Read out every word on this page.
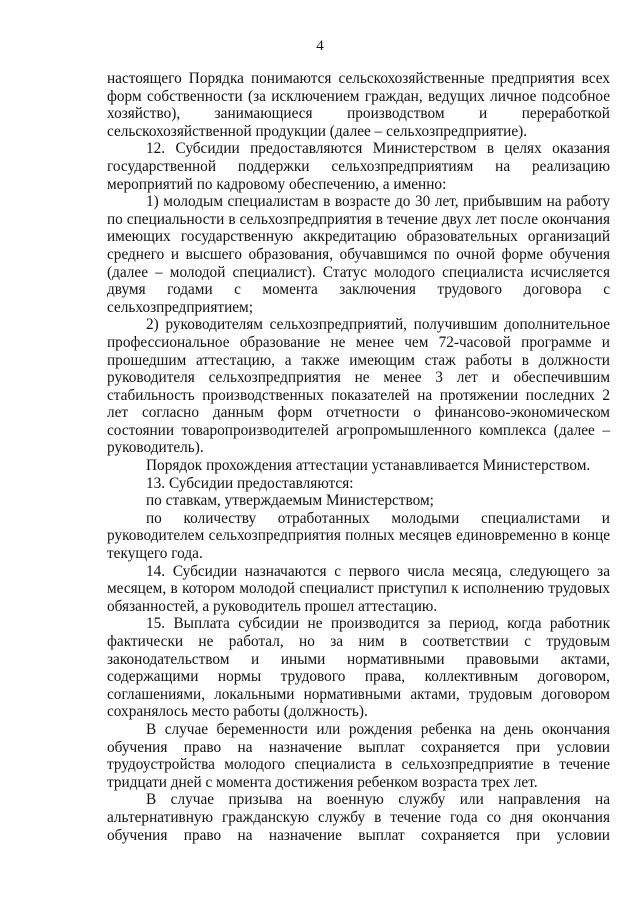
4

настоящего Порядка понимаются сельскохозяйственные предприятия всех форм собственности (за исключением граждан, ведущих личное подсобное хозяйство), занимающиеся производством и переработкой сельскохозяйственной продукции (далее – сельхозпредприятие).

12. Субсидии предоставляются Министерством в целях оказания государственной поддержки сельхозпредприятиям на реализацию мероприятий по кадровому обеспечению, а именно:

1) молодым специалистам в возрасте до 30 лет, прибывшим на работу по специальности в сельхозпредприятия в течение двух лет после окончания имеющих государственную аккредитацию образовательных организаций среднего и высшего образования, обучавшимся по очной форме обучения (далее – молодой специалист). Статус молодого специалиста исчисляется двумя годами с момента заключения трудового договора с сельхозпредприятием;

2) руководителям сельхозпредприятий, получившим дополнительное профессиональное образование не менее чем 72-часовой программе и прошедшим аттестацию, а также имеющим стаж работы в должности руководителя сельхозпредприятия не менее 3 лет и обеспечившим стабильность производственных показателей на протяжении последних 2 лет согласно данным форм отчетности о финансово-экономическом состоянии товаропроизводителей агропромышленного комплекса (далее – руководитель).

Порядок прохождения аттестации устанавливается Министерством.

13. Субсидии предоставляются:

по ставкам, утверждаемым Министерством;

по количеству отработанных молодыми специалистами и руководителем сельхозпредприятия полных месяцев единовременно в конце текущего года.

14. Субсидии назначаются с первого числа месяца, следующего за месяцем, в котором молодой специалист приступил к исполнению трудовых обязанностей, а руководитель прошел аттестацию.

15. Выплата субсидии не производится за период, когда работник фактически не работал, но за ним в соответствии с трудовым законодательством и иными нормативными правовыми актами, содержащими нормы трудового права, коллективным договором, соглашениями, локальными нормативными актами, трудовым договором сохранялось место работы (должность).

В случае беременности или рождения ребенка на день окончания обучения право на назначение выплат сохраняется при условии трудоустройства молодого специалиста в сельхозпредприятие в течение тридцати дней с момента достижения ребенком возраста трех лет.

В случае призыва на военную службу или направления на альтернативную гражданскую службу в течение года со дня окончания обучения право на назначение выплат сохраняется при условии
